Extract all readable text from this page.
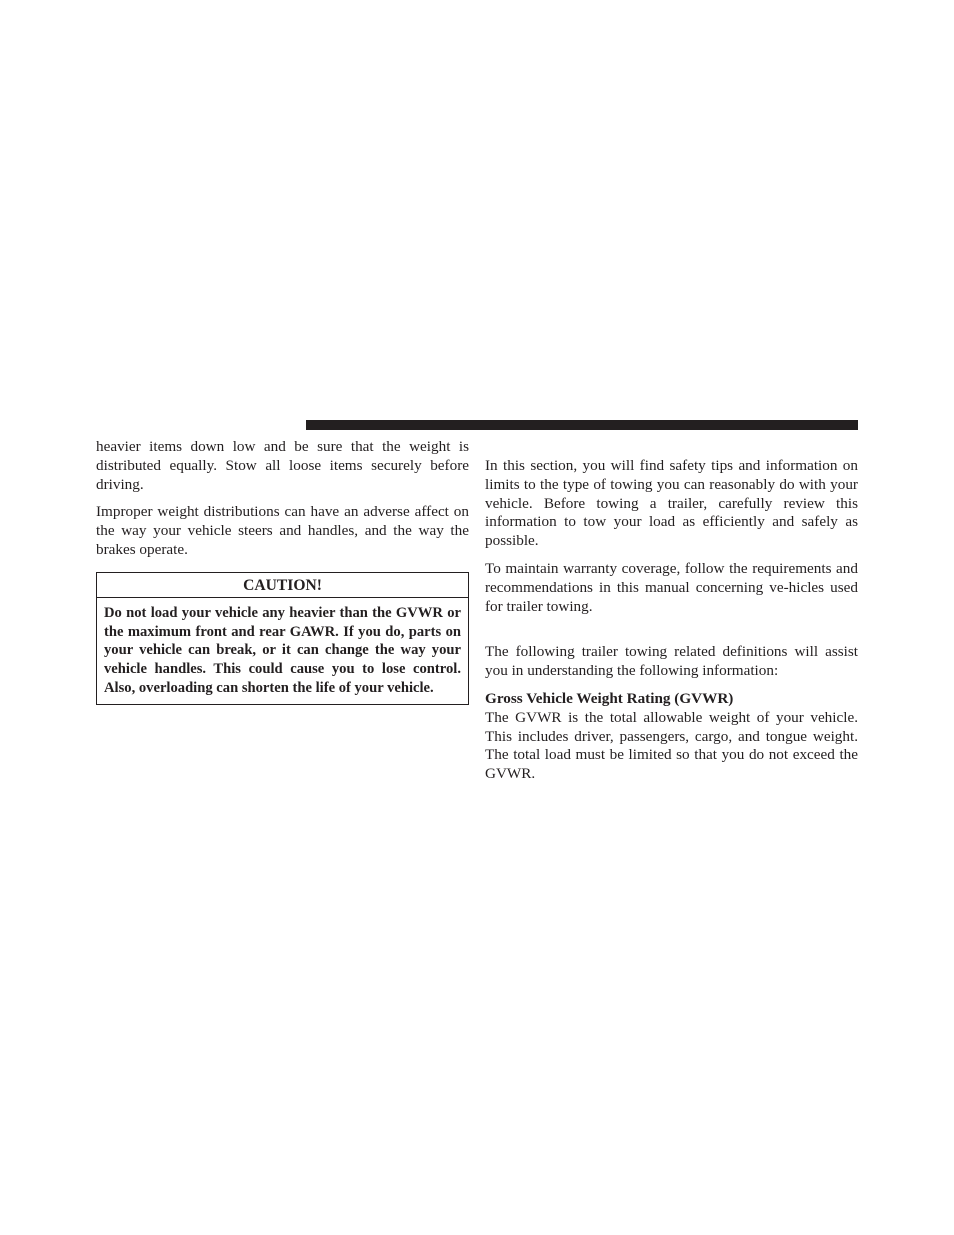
heavier items down low and be sure that the weight is distributed equally. Stow all loose items securely before driving.

Improper weight distributions can have an adverse affect on the way your vehicle steers and handles, and the way the brakes operate.

CAUTION!
Do not load your vehicle any heavier than the GVWR or the maximum front and rear GAWR. If you do, parts on your vehicle can break, or it can change the way your vehicle handles. This could cause you to lose control. Also, overloading can shorten the life of your vehicle.

In this section, you will find safety tips and information on limits to the type of towing you can reasonably do with your vehicle. Before towing a trailer, carefully review this information to tow your load as efficiently and safely as possible.

To maintain warranty coverage, follow the requirements and recommendations in this manual concerning ve-hicles used for trailer towing.

The following trailer towing related definitions will assist you in understanding the following information:

Gross Vehicle Weight Rating (GVWR)

The GVWR is the total allowable weight of your vehicle. This includes driver, passengers, cargo, and tongue weight. The total load must be limited so that you do not exceed the GVWR.
